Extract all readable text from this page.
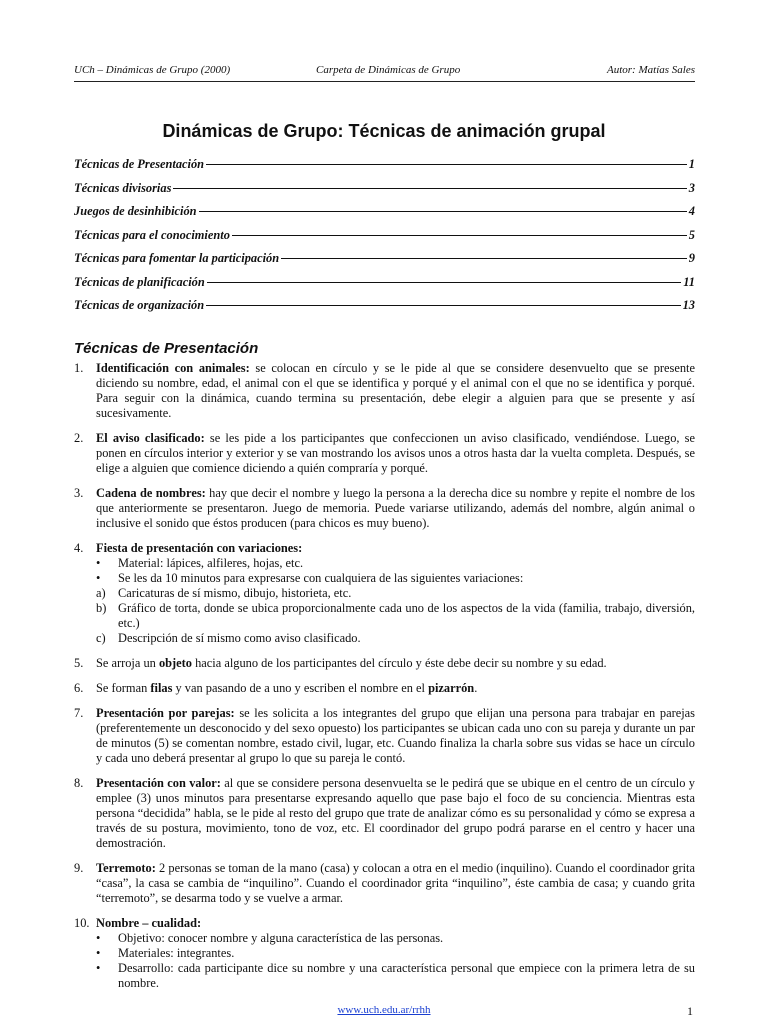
UCh – Dinámicas de Grupo (2000)	Carpeta de Dinámicas de Grupo	Autor: Matías Sales
Dinámicas de Grupo: Técnicas de animación grupal
Técnicas de Presentación	1
Técnicas divisorias	3
Juegos de desinhibición	4
Técnicas para el conocimiento	5
Técnicas para fomentar la participación	9
Técnicas de planificación	11
Técnicas de organización	13
Técnicas de Presentación
1. Identificación con animales: se colocan en círculo y se le pide al que se considere desenvuelto que se presente diciendo su nombre, edad, el animal con el que se identifica y porqué y el animal con el que no se identifica y porqué. Para seguir con la dinámica, cuando termina su presentación, debe elegir a alguien para que se presente y así sucesivamente.
2. El aviso clasificado: se les pide a los participantes que confeccionen un aviso clasificado, vendiéndose. Luego, se ponen en círculos interior y exterior y se van mostrando los avisos unos a otros hasta dar la vuelta completa. Después, se elige a alguien que comience diciendo a quién compraría y porqué.
3. Cadena de nombres: hay que decir el nombre y luego la persona a la derecha dice su nombre y repite el nombre de los que anteriormente se presentaron. Juego de memoria. Puede variarse utilizando, además del nombre, algún animal o inclusive el sonido que éstos producen (para chicos es muy bueno).
4. Fiesta de presentación con variaciones:
• Material: lápices, alfileres, hojas, etc.
• Se les da 10 minutos para expresarse con cualquiera de las siguientes variaciones:
a) Caricaturas de sí mismo, dibujo, historieta, etc.
b) Gráfico de torta, donde se ubica proporcionalmente cada uno de los aspectos de la vida (familia, trabajo, diversión, etc.)
c) Descripción de sí mismo como aviso clasificado.
5. Se arroja un objeto hacia alguno de los participantes del círculo y éste debe decir su nombre y su edad.
6. Se forman filas y van pasando de a uno y escriben el nombre en el pizarrón.
7. Presentación por parejas: se les solicita a los integrantes del grupo que elijan una persona para trabajar en parejas (preferentemente un desconocido y del sexo opuesto) los participantes se ubican cada uno con su pareja y durante un par de minutos (5) se comentan nombre, estado civil, lugar, etc. Cuando finaliza la charla sobre sus vidas se hace un círculo y cada uno deberá presentar al grupo lo que su pareja le contó.
8. Presentación con valor: al que se considere persona desenvuelta se le pedirá que se ubique en el centro de un círculo y emplee (3) unos minutos para presentarse expresando aquello que pase bajo el foco de su conciencia. Mientras esta persona “decidida” habla, se le pide al resto del grupo que trate de analizar cómo es su personalidad y cómo se expresa a través de su postura, movimiento, tono de voz, etc. El coordinador del grupo podrá pararse en el centro y hacer una demostración.
9. Terremoto: 2 personas se toman de la mano (casa) y colocan a otra en el medio (inquilino). Cuando el coordinador grita “casa”, la casa se cambia de “inquilino”. Cuando el coordinador grita “inquilino”, éste cambia de casa; y cuando grita “terremoto”, se desarma todo y se vuelve a armar.
10. Nombre – cualidad:
• Objetivo: conocer nombre y alguna característica de las personas.
• Materiales: integrantes.
• Desarrollo: cada participante dice su nombre y una característica personal que empiece con la primera letra de su nombre.
www.uch.edu.ar/rrhh	1
